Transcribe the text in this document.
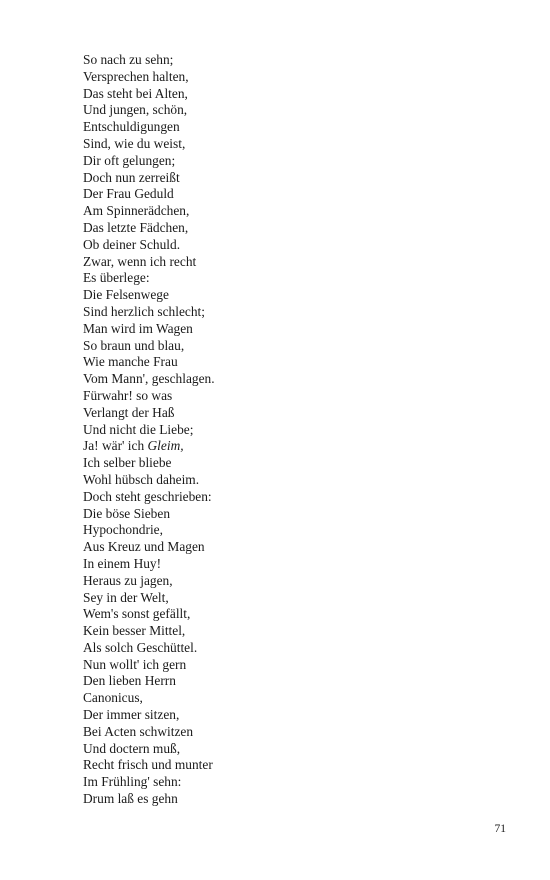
So nach zu sehn;
Versprechen halten,
Das steht bei Alten,
Und jungen, schön,
Entschuldigungen
Sind, wie du weist,
Dir oft gelungen;
Doch nun zerreißt
Der Frau Geduld
Am Spinnerädchen,
Das letzte Fädchen,
Ob deiner Schuld.
Zwar, wenn ich recht
Es überlege:
Die Felsenwege
Sind herzlich schlecht;
Man wird im Wagen
So braun und blau,
Wie manche Frau
Vom Mann', geschlagen.
Fürwahr! so was
Verlangt der Haß
Und nicht die Liebe;
Ja! wär' ich Gleim,
Ich selber bliebe
Wohl hübsch daheim.
Doch steht geschrieben:
Die böse Sieben
Hypochondrie,
Aus Kreuz und Magen
In einem Huy!
Heraus zu jagen,
Sey in der Welt,
Wem's sonst gefällt,
Kein besser Mittel,
Als solch Geschüttel.
Nun wollt' ich gern
Den lieben Herrn
Canonicus,
Der immer sitzen,
Bei Acten schwitzen
Und doctern muß,
Recht frisch und munter
Im Frühling' sehn:
Drum laß es gehn
71
